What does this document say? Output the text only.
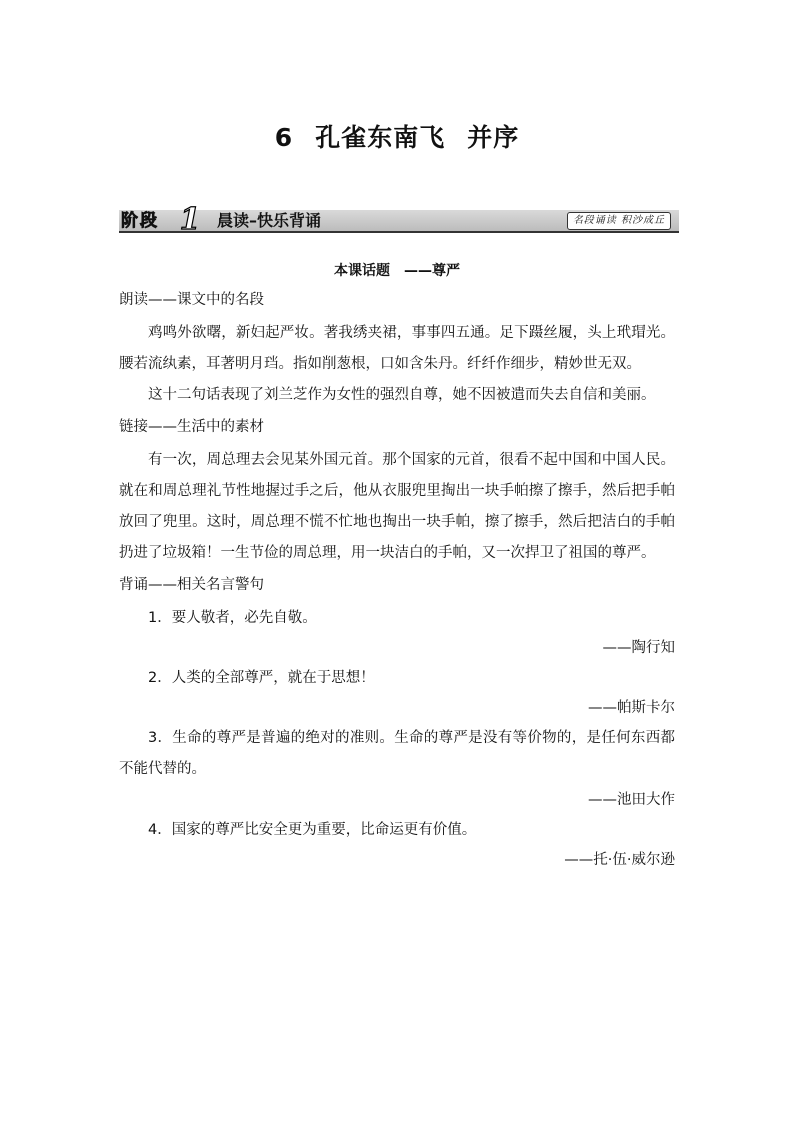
6 孔雀东南飞 并序
阶段 1 晨读–快乐背诵	名段诵读 积沙成丘
本课话题　——尊严
朗读——课文中的名段

鸡鸣外欲曙，新妇起严妆。著我绣夹裙，事事四五通。足下蹑丝履，头上玳瑁光。腰若流纨素，耳著明月珰。指如削葱根，口如含朱丹。纤纤作细步，精妙世无双。

这十二句话表现了刘兰芝作为女性的强烈自尊，她不因被遣而失去自信和美丽。

链接——生活中的素材

有一次，周总理去会见某外国元首。那个国家的元首，很看不起中国和中国人民。就在和周总理礼节性地握过手之后，他从衣服兜里掏出一块手帕擦了擦手，然后把手帕放回了兜里。这时，周总理不慌不忙地也掏出一块手帕，擦了擦手，然后把洁白的手帕扔进了垃圾箱！一生节俭的周总理，用一块洁白的手帕，又一次捍卫了祖国的尊严。

背诵——相关名言警句

1．要人敬者，必先自敬。

——陶行知

2．人类的全部尊严，就在于思想！

——帕斯卡尔

3．生命的尊严是普遍的绝对的准则。生命的尊严是没有等价物的，是任何东西都不能代替的。

——池田大作

4．国家的尊严比安全更为重要，比命运更有价值。

——托·伍·威尔逊
